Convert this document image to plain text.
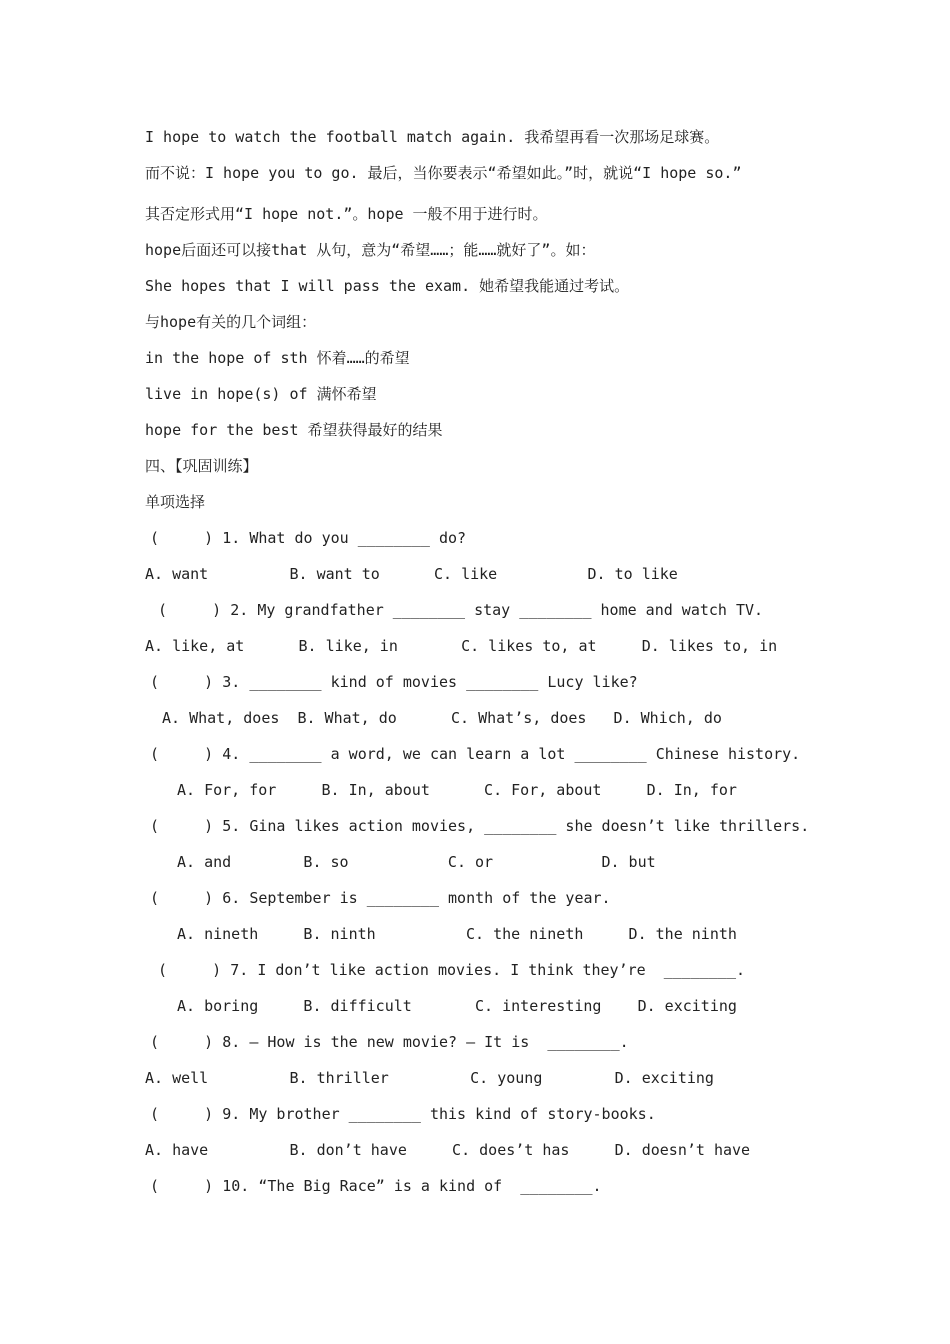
I hope to watch the football match again. 我希望再看一次那场足球赛。
而不说：I hope you to go. 最后，当你要表示“希望如此。”时，就说“I hope so.”
其否定形式用“I hope not.”。hope 一般不用于进行时。
hope后面还可以接that 从句，意为“希望……；能……就好了”。如：
She hopes that I will pass the exam. 她希望我能通过考试。
与hope有关的几个词组：
in the hope of sth 怀着……的希望
live in hope(s) of 满怀希望
hope for the best 希望获得最好的结果
四、【巩固训练】
单项选择
(     ) 1. What do you ________ do?
A. want         B. want to      C. like          D. to like
(     ) 2. My grandfather ________ stay ________ home and watch TV.
A. like, at      B. like, in       C. likes to, at     D. likes to, in
(     ) 3. ________ kind of movies ________ Lucy like?
A. What, does  B. What, do      C. What’s, does   D. Which, do
(     ) 4. ________ a word, we can learn a lot ________ Chinese history.
A. For, for     B. In, about      C. For, about     D. In, for
(     ) 5. Gina likes action movies, ________ she doesn’t like thrillers.
A. and        B. so           C. or            D. but
(     ) 6. September is ________ month of the year.
A. nineth     B. ninth          C. the nineth     D. the ninth
(     ) 7. I don’t like action movies. I think they’re  ________.
A. boring     B. difficult       C. interesting    D. exciting
(     ) 8. — How is the new movie? — It is  ________.
A. well         B. thriller         C. young        D. exciting
(     ) 9. My brother ________ this kind of story-books.
A. have         B. don’t have     C. does’t has     D. doesn’t have
(     ) 10. “The Big Race” is a kind of  ________.
